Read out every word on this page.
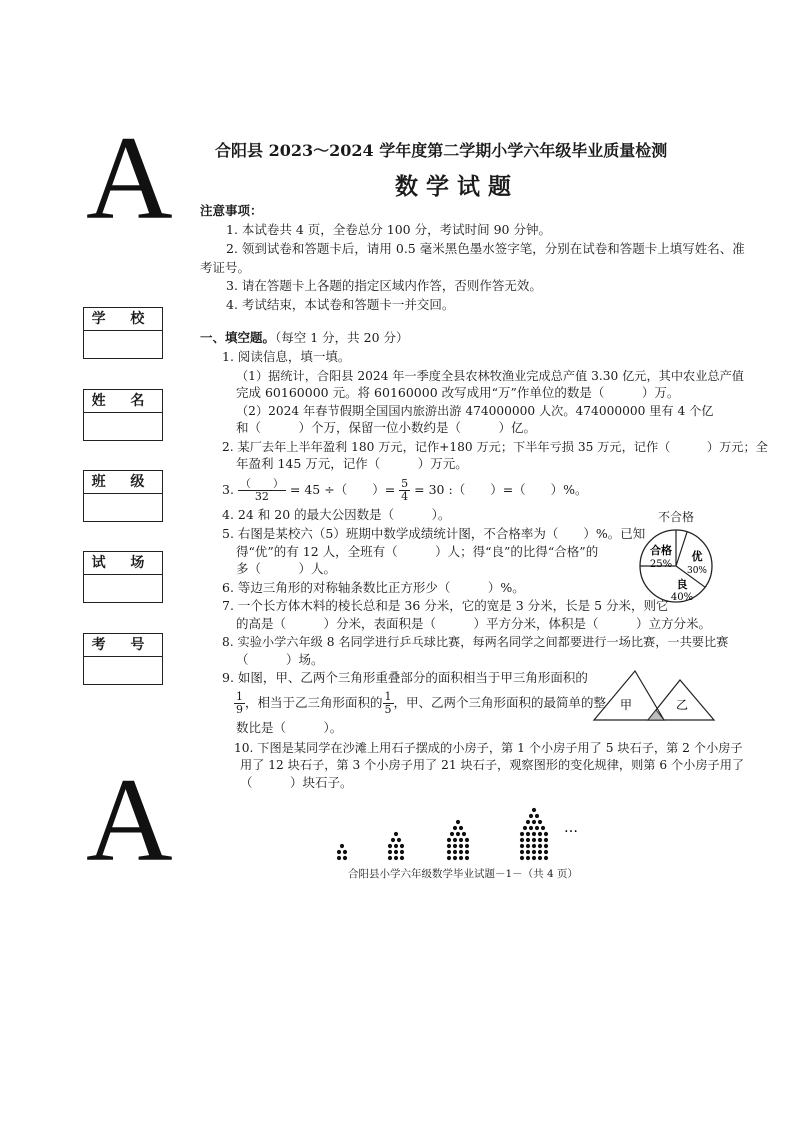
A
A
合阳县 2023～2024 学年度第二学期小学六年级毕业质量检测
数学试题
注意事项：
1. 本试卷共 4 页，全卷总分 100 分，考试时间 90 分钟。
2. 领到试卷和答题卡后，请用 0.5 毫米黑色墨水签字笔，分别在试卷和答题卡上填写姓名、准
考证号。
3. 请在答题卡上各题的指定区域内作答，否则作答无效。
4. 考试结束，本试卷和答题卡一并交回。
学 校
姓 名
班 级
试 场
考 号
一、填空题。（每空 1 分，共 20 分）
1. 阅读信息，填一填。
（1）据统计，合阳县 2024 年一季度全县农林牧渔业完成总产值 3.30 亿元，其中农业总产值
完成 60160000 元。将 60160000 改写成用“万”作单位的数是（　　　）万。
（2）2024 年春节假期全国国内旅游出游 474000000 人次。474000000 里有 4 个亿
和（　　　）个万，保留一位小数约是（　　　）亿。
2. 某厂去年上半年盈利 180 万元，记作+180 万元；下半年亏损 35 万元，记作（　　　）万元；全
年盈利 145 万元，记作（　　　）万元。
3. $\frac{( )}{32} = 45$ ÷（　　）= $\frac{5}{4} = 30$ :（　　）=（　　）%。
4. 24 和 20 的最大公因数是（　　　）。
5. 右图是某校六（5）班期中数学成绩统计图，不合格率为（　　）%。已知
得“优”的有 12 人，全班有（　　　）人；得“良”的比得“合格”的
多（　　　）人。
不合格
优
30%
良
40%
合格
25%
6. 等边三角形的对称轴条数比正方形少（　　　）%。
7. 一个长方体木料的棱长总和是 36 分米，它的宽是 3 分米，长是 5 分米，则它
的高是（　　　）分米，表面积是（　　　）平方分米，体积是（　　　）立方分米。
8. 实验小学六年级 8 名同学进行乒乓球比赛，每两名同学之间都要进行一场比赛，一共要比赛
（　　　）场。
9. 如图，甲、乙两个三角形重叠部分的面积相当于甲三角形面积的
$\frac{1}{9}$ ，相当于乙三角形面积的 $\frac{1}{5}$ ，甲、乙两个三角形面积的最简单的整
数比是（　　　）。
甲	乙
10. 下图是某同学在沙滩上用石子摆成的小房子，第 1 个小房子用了 5 块石子，第 2 个小房子
用了 12 块石子，第 3 个小房子用了 21 块石子，观察图形的变化规律，则第 6 个小房子用了
（　　　）块石子。
…
合阳县小学六年级数学毕业试题－1－（共 4 页）
